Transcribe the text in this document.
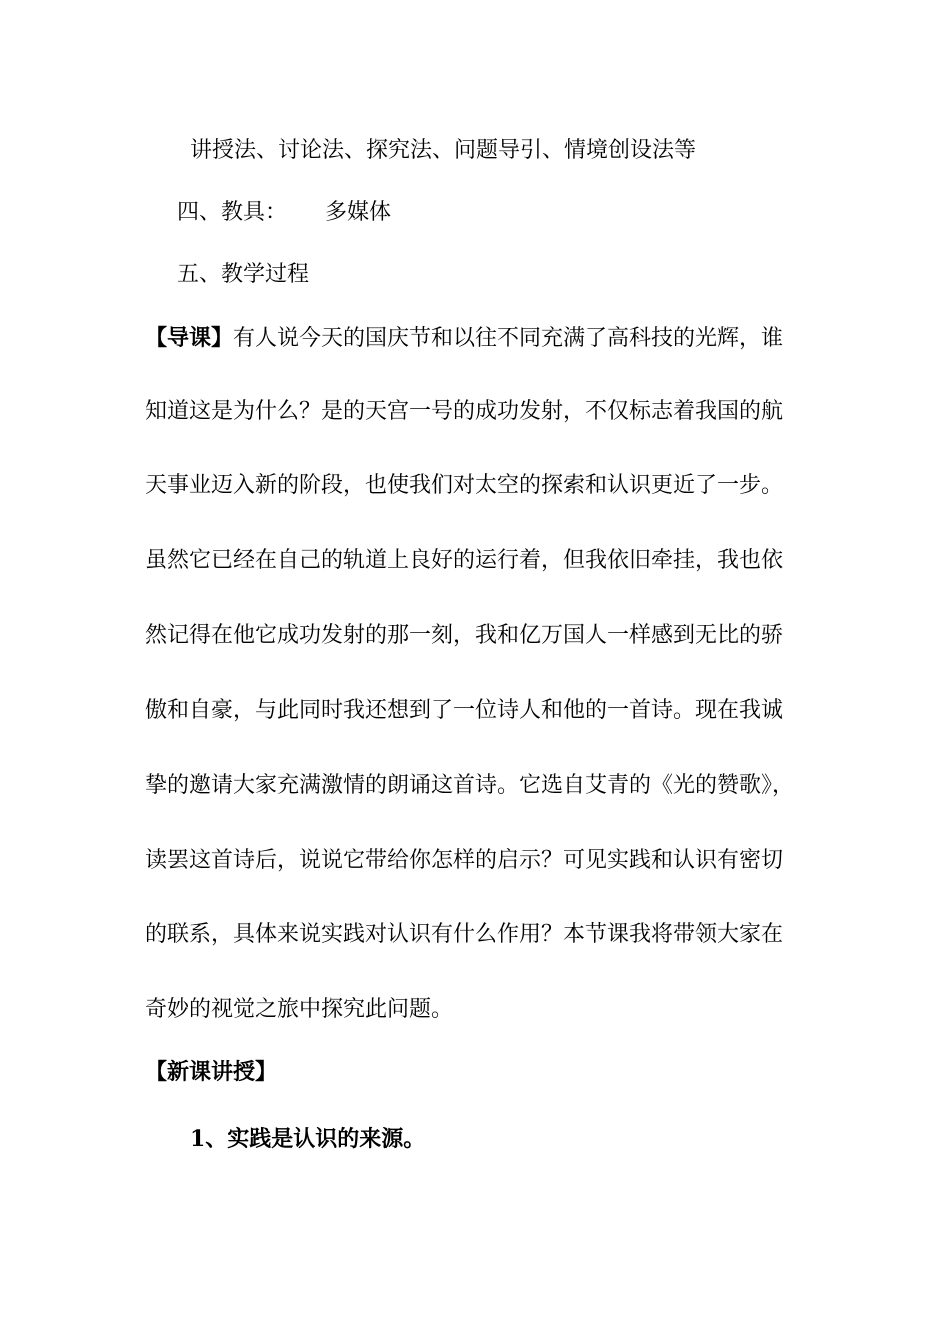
讲授法、讨论法、探究法、问题导引、情境创设法等
四、教具： 多媒体
五、教学过程
【导课】有人说今天的国庆节和以往不同充满了高科技的光辉，谁
知道这是为什么？是的天宫一号的成功发射，不仅标志着我国的航
天事业迈入新的阶段，也使我们对太空的探索和认识更近了一步。
虽然它已经在自己的轨道上良好的运行着，但我依旧牵挂，我也依
然记得在他它成功发射的那一刻，我和亿万国人一样感到无比的骄
傲和自豪，与此同时我还想到了一位诗人和他的一首诗。现在我诚
挚的邀请大家充满激情的朗诵这首诗。它选自艾青的《光的赞歌》，
读罢这首诗后，说说它带给你怎样的启示？可见实践和认识有密切
的联系，具体来说实践对认识有什么作用？本节课我将带领大家在
奇妙的视觉之旅中探究此问题。
【新课讲授】
1、实践是认识的来源。
